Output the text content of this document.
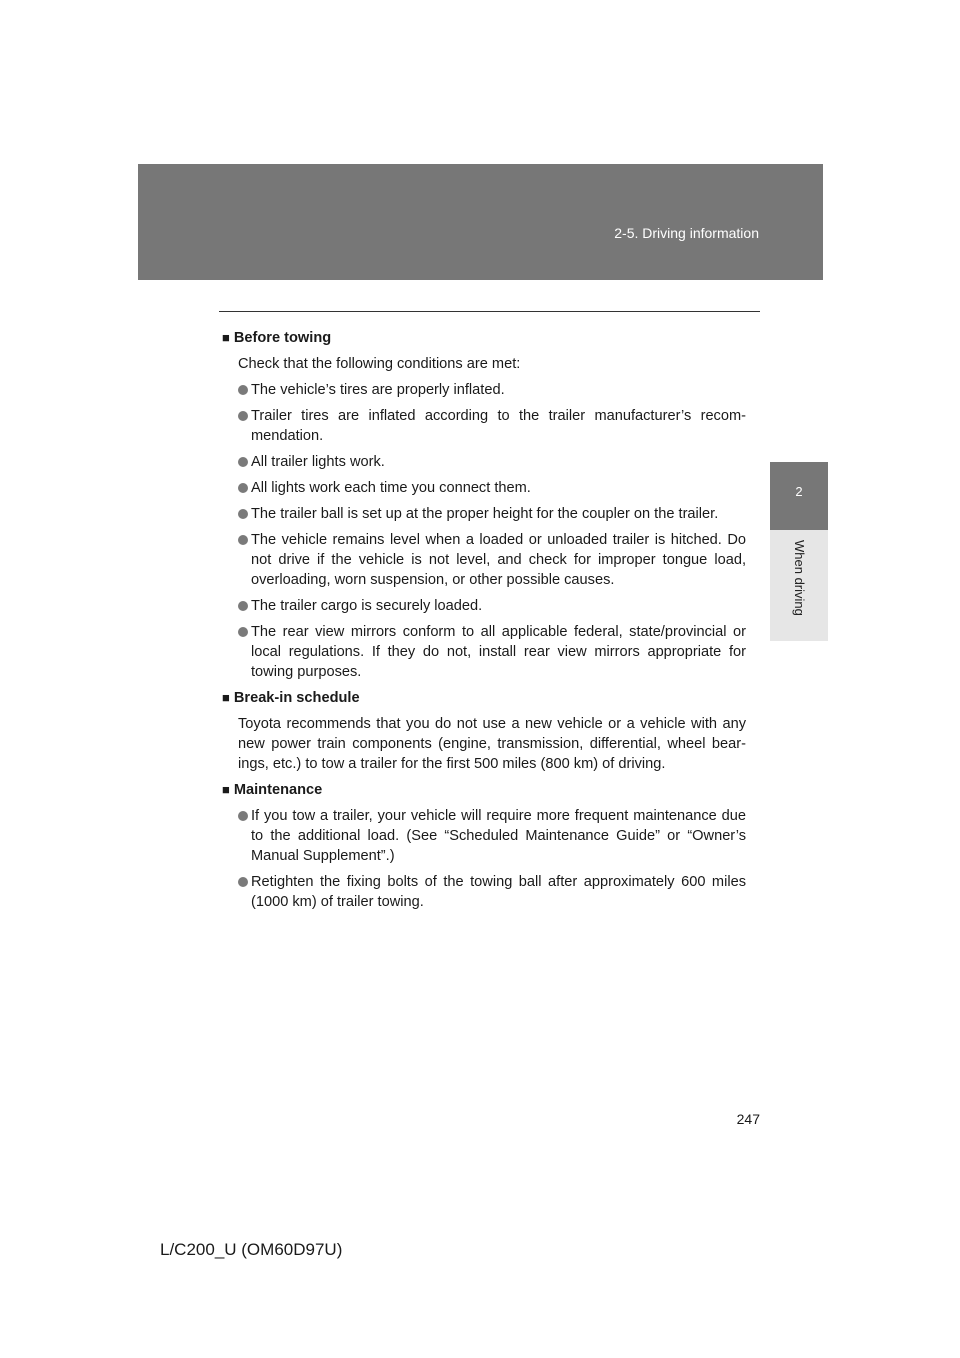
2-5. Driving information
2
When driving
■ Before towing
Check that the following conditions are met:
The vehicle’s tires are properly inflated.
Trailer tires are inflated according to the trailer manufacturer’s recom-mendation.
All trailer lights work.
All lights work each time you connect them.
The trailer ball is set up at the proper height for the coupler on the trailer.
The vehicle remains level when a loaded or unloaded trailer is hitched. Do not drive if the vehicle is not level, and check for improper tongue load, overloading, worn suspension, or other possible causes.
The trailer cargo is securely loaded.
The rear view mirrors conform to all applicable federal, state/provincial or local regulations. If they do not, install rear view mirrors appropriate for towing purposes.
■ Break-in schedule
Toyota recommends that you do not use a new vehicle or a vehicle with any new power train components (engine, transmission, differential, wheel bear-ings, etc.) to tow a trailer for the first 500 miles (800 km) of driving.
■ Maintenance
If you tow a trailer, your vehicle will require more frequent maintenance due to the additional load. (See “Scheduled Maintenance Guide” or “Owner’s Manual Supplement”.)
Retighten the fixing bolts of the towing ball after approximately 600 miles (1000 km) of trailer towing.
247
L/C200_U (OM60D97U)
